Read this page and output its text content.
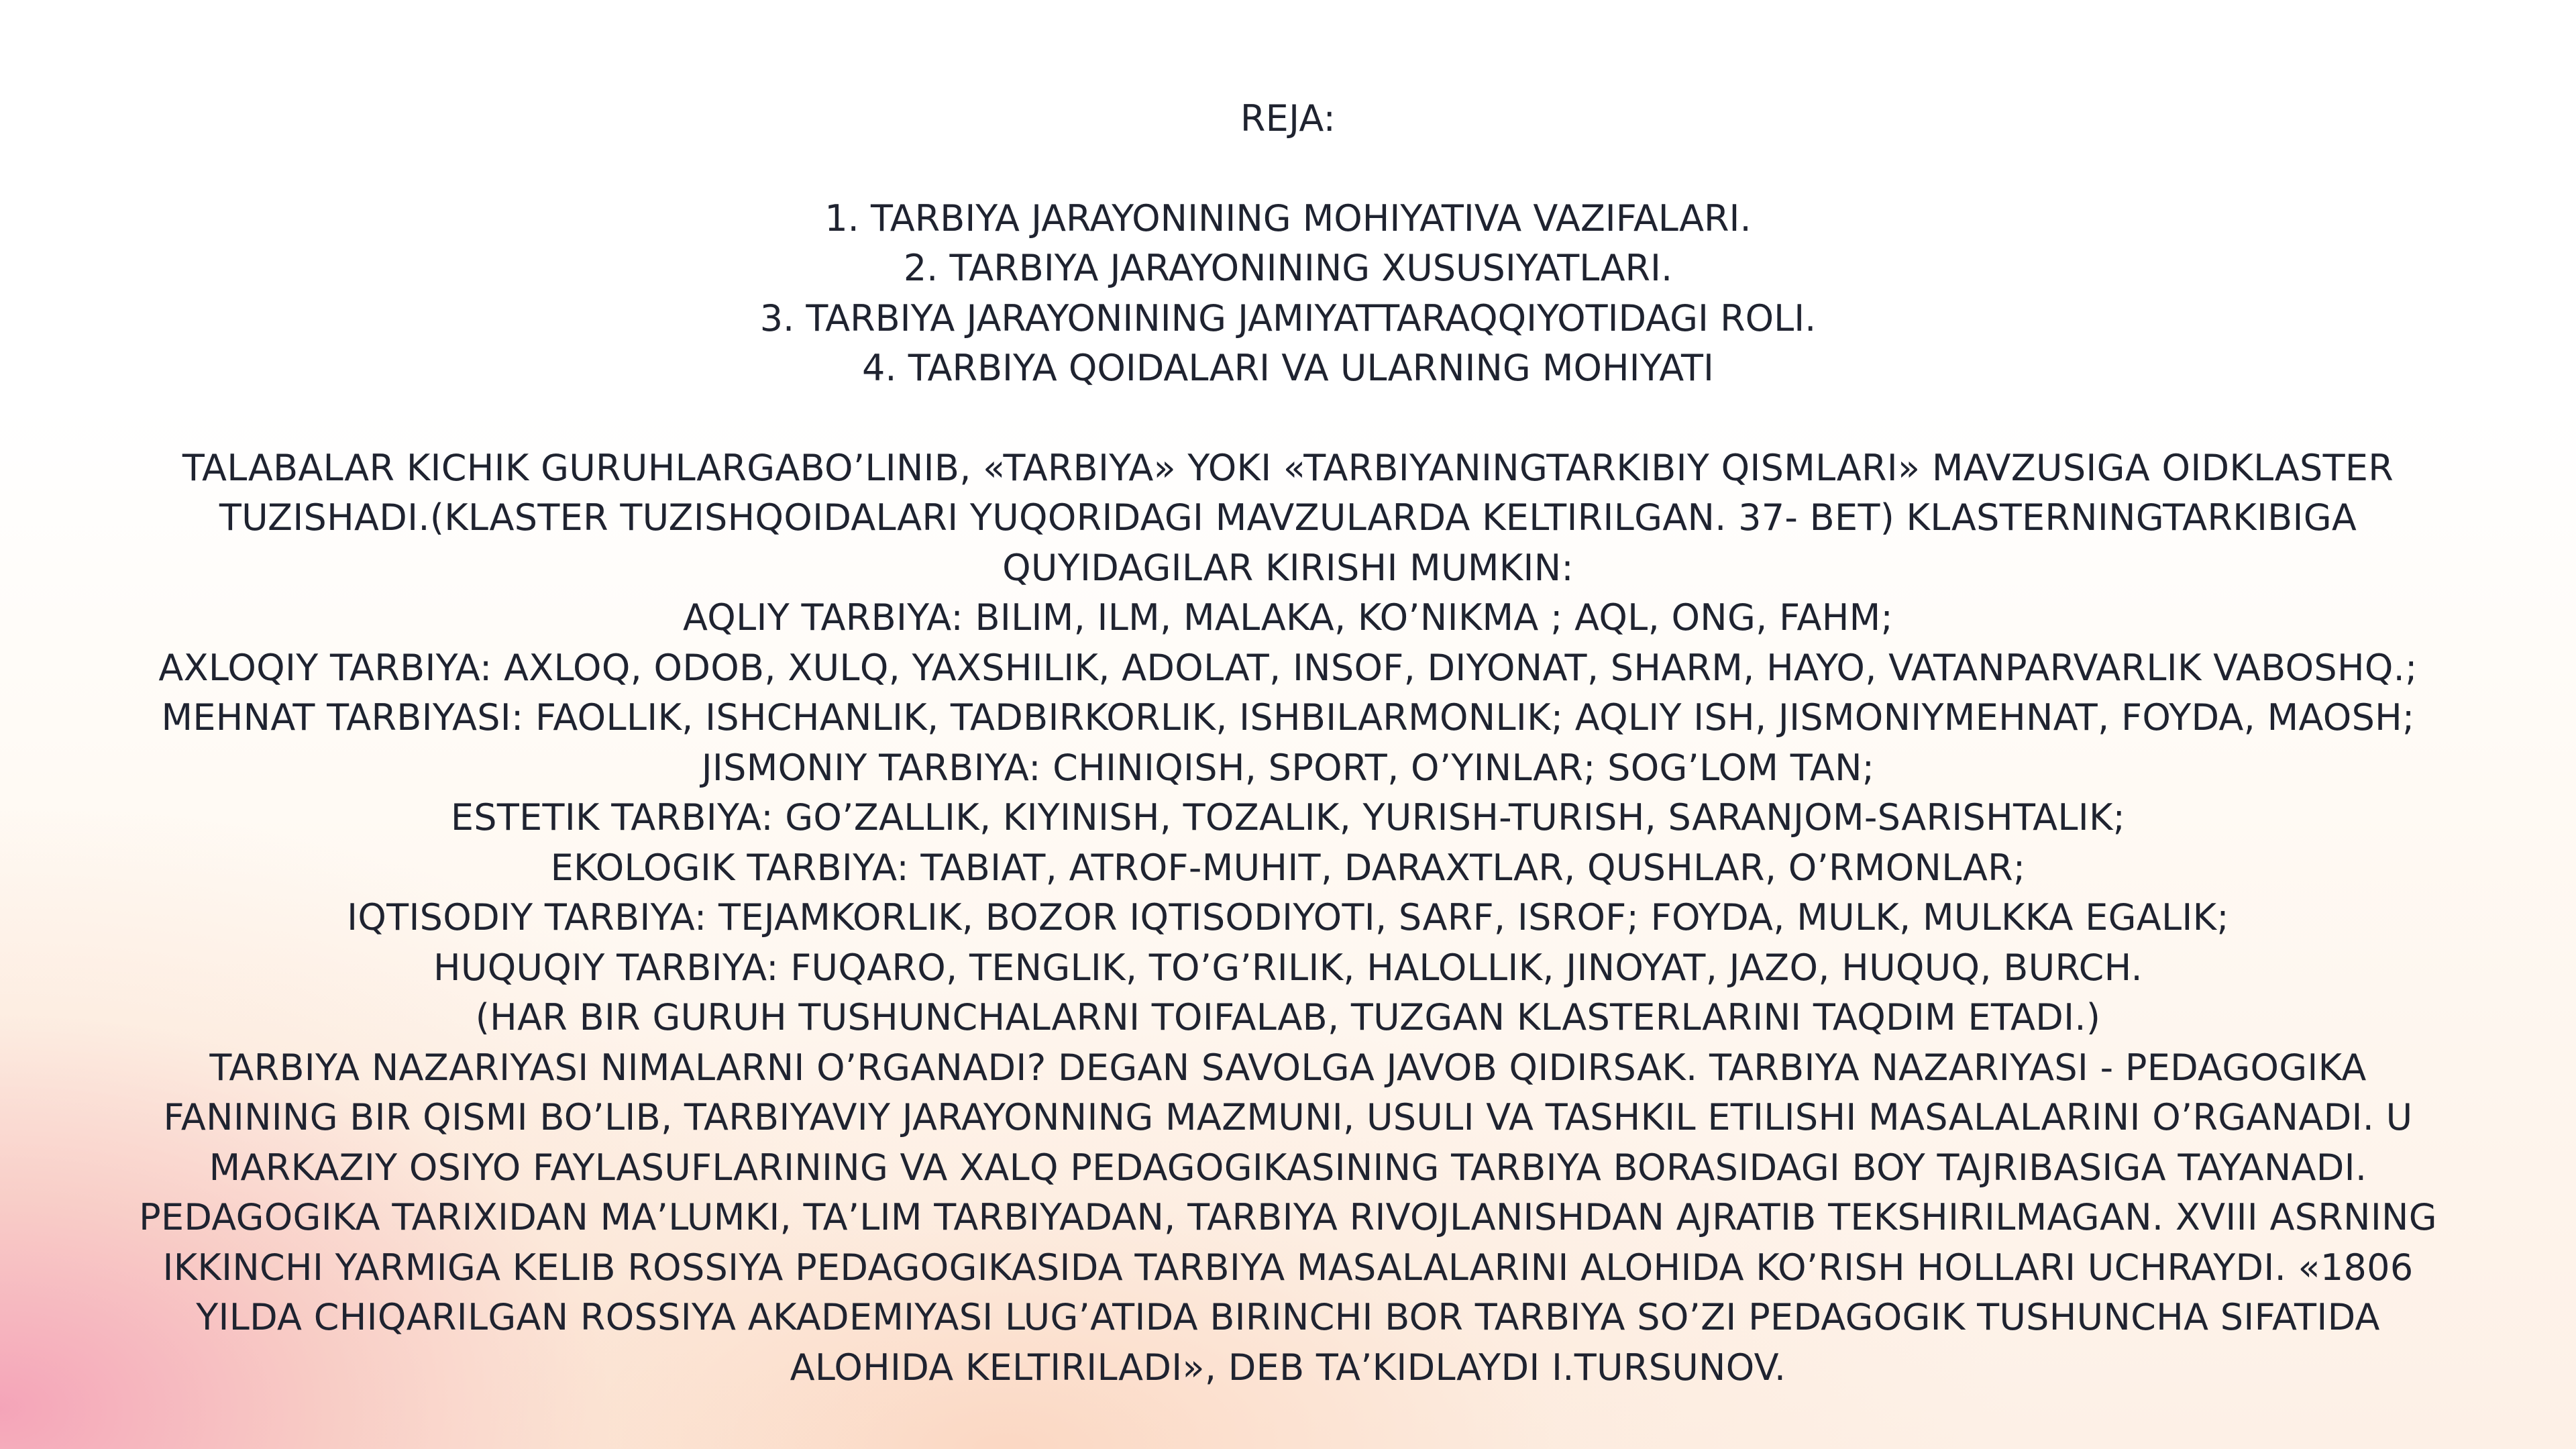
REJA:
1. TARBIYA JARAYONINING MOHIYATIVA VAZIFALARI.
2. TARBIYA JARAYONINING XUSUSIYATLARI.
3. TARBIYA JARAYONINING JAMIYATTARAQQIYOTIDAGI ROLI.
4. TARBIYA QOIDALARI VA ULARNING MOHIYATI
TALABALAR KICHIK GURUHLARGABO’LINIB, «TARBIYA» YOKI «TARBIYANINGTARKIBIY QISMLARI» MAVZUSIGA OIDKLASTER
TUZISHADI.(KLASTER TUZISHQOIDALARI YUQORIDAGI MAVZULARDA KELTIRILGAN. 37- BET) KLASTERNINGTARKIBIGA
QUYIDAGILAR KIRISHI MUMKIN:
AQLIY TARBIYA: BILIM, ILM, MALAKA, KO’NIKMA ; AQL, ONG, FAHM;
AXLOQIY TARBIYA: AXLOQ, ODOB, XULQ, YAXSHILIK, ADOLAT, INSOF, DIYONAT, SHARM, HAYO, VATANPARVARLIK VABOSHQ.;
MEHNAT TARBIYASI: FAOLLIK, ISHCHANLIK, TADBIRKORLIK, ISHBILARMONLIK; AQLIY ISH, JISMONIYMEHNAT, FOYDA, MAOSH;
JISMONIY TARBIYA: CHINIQISH, SPORT, O’YINLAR; SOG’LOM TAN;
ESTETIK TARBIYA: GO’ZALLIK, KIYINISH, TOZALIK, YURISH-TURISH, SARANJOM-SARISHTALIK;
EKOLOGIK TARBIYA: TABIAT, ATROF-MUHIT, DARAXTLAR, QUSHLAR, O’RMONLAR;
IQTISODIY TARBIYA: TEJAMKORLIK, BOZOR IQTISODIYOTI, SARF, ISROF; FOYDA, MULK, MULKKA EGALIK;
HUQUQIY TARBIYA: FUQARO, TENGLIK, TO’G’RILIK, HALOLLIK, JINOYAT, JAZO, HUQUQ, BURCH.
(HAR BIR GURUH TUSHUNCHALARNI TOIFALAB, TUZGAN KLASTERLARINI TAQDIM ETADI.)
TARBIYA NAZARIYASI NIMALARNI O’RGANADI? DEGAN SAVOLGA JAVOB QIDIRSAK. TARBIYA NAZARIYASI - PEDAGOGIKA
FANINING BIR QISMI BO’LIB, TARBIYAVIY JARAYONNING MAZMUNI, USULI VA TASHKIL ETILISHI MASALALARINI O’RGANADI. U
MARKAZIY OSIYO FAYLASUFLARINING VA XALQ PEDAGOGIKASINING TARBIYA BORASIDAGI BOY TAJRIBASIGA TAYANADI.
PEDAGOGIKA TARIXIDAN MA’LUMKI, TA’LIM TARBIYADAN, TARBIYA RIVOJLANISHDAN AJRATIB TEKSHIRILMAGAN. XVIII ASRNING
IKKINCHI YARMIGA KELIB ROSSIYA PEDAGOGIKASIDA TARBIYA MASALALARINI ALOHIDA KO’RISH HOLLARI UCHRAYDI. «1806
YILDA CHIQARILGAN ROSSIYA AKADEMIYASI LUG’ATIDA BIRINCHI BOR TARBIYA SO’ZI PEDAGOGIK TUSHUNCHA SIFATIDA
ALOHIDA KELTIRILADI», DEB TA’KIDLAYDI I.TURSUNOV.
